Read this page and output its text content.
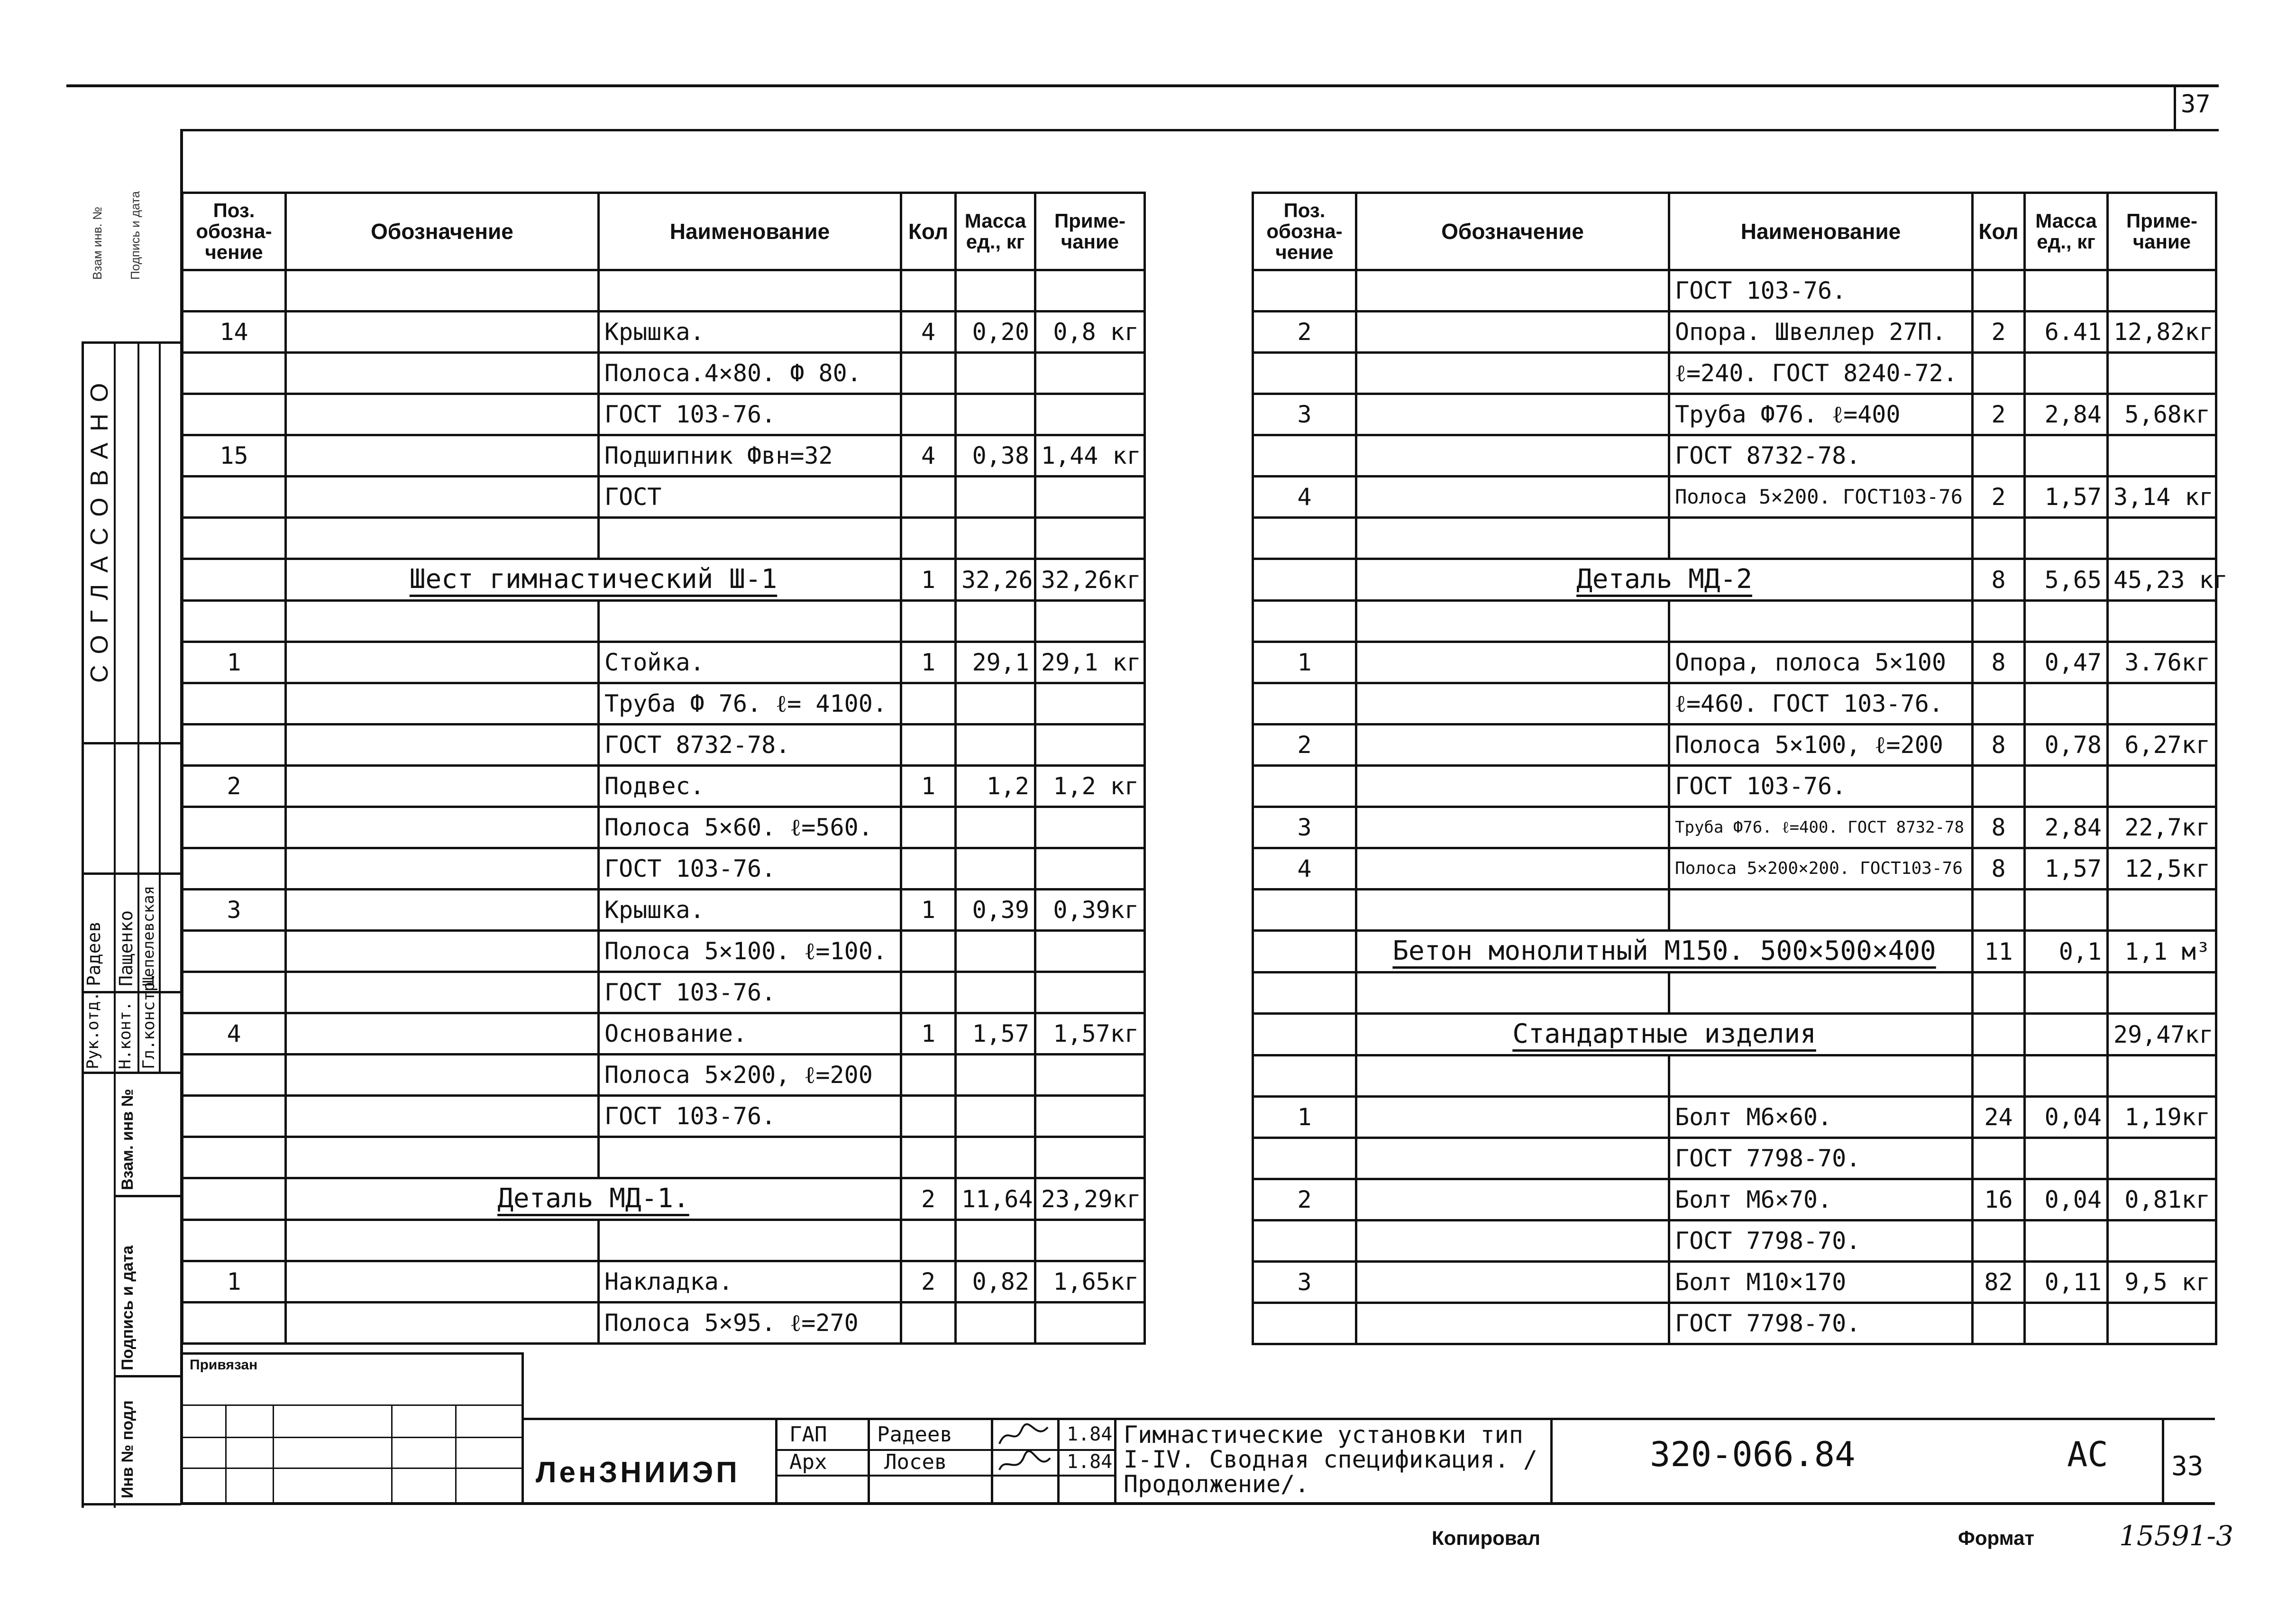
37
СОГЛАСОВАНО
Рук.отд. Н.конт. Гл.констр.
Радеев Пащенко Шепелевская
Инв № подл
Подпись и дата
Взам. инв №
Взам инв. № Подпись и дата	Поз. обозна- чение	Обозначение	Наименование	Кол	Масса ед., кг	Приме- чание

14		Крышка.	4	0,20	0,8 кг
		Полоса.4×80. Ф 80.			
		ГОСТ 103-76.			
15		Подшипник Фвн=32	4	0,38	1,44 кг
		ГОСТ			

	Шест гимнастический Ш-1		1	32,26	32,26кг

1		Стойка.	1	29,1	29,1 кг
		Труба Ф 76. ℓ= 4100.			
		ГОСТ 8732-78.			
2		Подвес.	1	1,2	1,2 кг
		Полоса 5×60. ℓ=560.			
		ГОСТ 103-76.			
3		Крышка.	1	0,39	0,39кг
		Полоса 5×100. ℓ=100.			
		ГОСТ 103-76.			
4		Основание.	1	1,57	1,57кг
		Полоса 5×200, ℓ=200			
		ГОСТ 103-76.			

	Деталь МД-1.		2	11,64	23,29кг

1		Накладка.	2	0,82	1,65кг
		Полоса 5×95. ℓ=270			
Поз. обозна- чение	Обозначение	Наименование	Кол	Масса ед., кг	Приме- чание
		ГОСТ 103-76.			
2		Опора. Швеллер 27П.	2	6.41	12,82кг
		ℓ=240. ГОСТ 8240-72.			
3		Труба Ф76. ℓ=400	2	2,84	5,68кг
		ГОСТ 8732-78.			
4		Полоса 5×200. ГОСТ103-76	2	1,57	3,14 кг

	Деталь МД-2		8	5,65	45,23 кг

1		Опора, полоса 5×100	8	0,47	3.76кг
		ℓ=460. ГОСТ 103-76.			
2		Полоса 5×100, ℓ=200	8	0,78	6,27кг
		ГОСТ 103-76.			
3		Труба Ф76. ℓ=400. ГОСТ 8732-78	8	2,84	22,7кг
4		Полоса 5×200×200. ГОСТ103-76	8	1,57	12,5кг

	Бетон монолитный М150. 500×500×400		11	0,1	1,1 м³

	Стандартные изделия				29,47кг

1		Болт М6×60.	24	0,04	1,19кг
		ГОСТ 7798-70.			
2		Болт М6×70.	16	0,04	0,81кг
		ГОСТ 7798-70.			
3		Болт М10×170	82	0,11	9,5 кг
		ГОСТ 7798-70.			
Привязан
ЛенЗНИИЭП
ГАП
Арх
Радеев
Лосев
1.84
1.84
Гимнастические установки тип I-IV. Сводная спецификация. /Продолжение/.
320-066.84	АС 33
Копировал	Формат	15591-3
